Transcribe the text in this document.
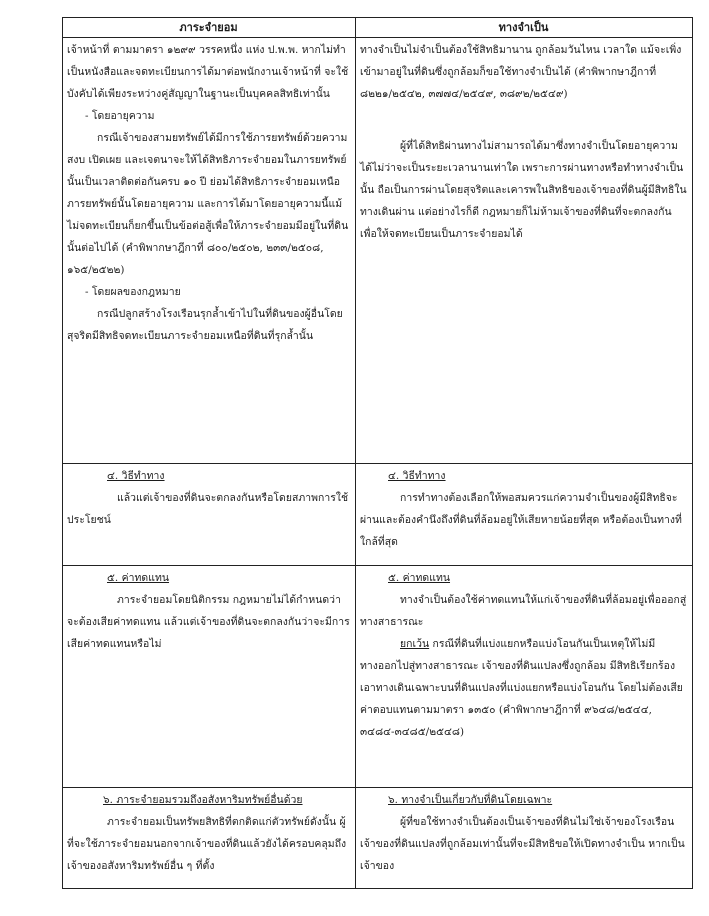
ภาระจำยอม	ทางจำเป็น
เจ้าหน้าที่ ตามมาตรา ๑๒๙๙ วรรคหนึ่ง แห่ง ป.พ.พ. หากไม่ทำเป็นหนังสือและจดทะเบียนการได้มาต่อพนักงานเจ้าหน้าที่ จะใช้บังคับได้เพียงระหว่างคู่สัญญาในฐานะเป็นบุคคลสิทธิเท่านั้น
- โดยอายุความ
กรณีเจ้าของสามยทรัพย์ได้มีการใช้ภารยทรัพย์ด้วยความสงบ เปิดเผย และเจตนาจะให้ได้สิทธิภาระจำยอมในภารยทรัพย์นั้นเป็นเวลาติดต่อกันครบ ๑๐ ปี ย่อมได้สิทธิภาระจำยอมเหนือภารยทรัพย์นั้นโดยอายุความ และการได้มาโดยอายุความนี้แม้ไม่จดทะเบียนก็ยกขึ้นเป็นข้อต่อสู้เพื่อให้ภาระจำยอมมีอยู่ในที่ดินนั้นต่อไปได้ (คำพิพากษาฎีกาที่ ๘๐๐/๒๕๐๒, ๒๓๓/๒๕๐๘, ๑๖๕/๒๕๒๒)
- โดยผลของกฎหมาย
กรณีปลูกสร้างโรงเรือนรุกล้ำเข้าไปในที่ดินของผู้อื่นโดยสุจริตมีสิทธิจดทะเบียนภาระจำยอมเหนือที่ดินที่รุกล้ำนั้น
ทางจำเป็นไม่จำเป็นต้องใช้สิทธิมานาน ถูกล้อมวันไหน เวลาใด แม้จะเพิ่งเข้ามาอยู่ในที่ดินซึ่งถูกล้อมก็ขอใช้ทางจำเป็นได้ (คำพิพากษาฎีกาที่ ๘๒๒๑/๒๕๔๒, ๓๗๗๔/๒๕๔๙, ๓๘๙๒/๒๕๔๙)
ผู้ที่ได้สิทธิผ่านทางไม่สามารถได้มาซึ่งทางจำเป็นโดยอายุความได้ไม่ว่าจะเป็นระยะเวลานานเท่าใด เพราะการผ่านทางหรือทำทางจำเป็นนั้น ถือเป็นการผ่านโดยสุจริตและเคารพในสิทธิของเจ้าของที่ดินผู้มีสิทธิในทางเดินผ่าน แต่อย่างไรก็ดี กฎหมายก็ไม่ห้ามเจ้าของที่ดินที่จะตกลงกันเพื่อให้จดทะเบียนเป็นภาระจำยอมได้
๔. วิธีทำทาง
แล้วแต่เจ้าของที่ดินจะตกลงกันหรือโดยสภาพการใช้ประโยชน์
๔. วิธีทำทาง
การทำทางต้องเลือกให้พอสมควรแก่ความจำเป็นของผู้มีสิทธิจะผ่านและต้องคำนึงถึงที่ดินที่ล้อมอยู่ให้เสียหายน้อยที่สุด หรือต้องเป็นทางที่ใกล้ที่สุด
๕. ค่าทดแทน
ภาระจำยอมโดยนิติกรรม กฎหมายไม่ได้กำหนดว่าจะต้องเสียค่าทดแทน แล้วแต่เจ้าของที่ดินจะตกลงกันว่าจะมีการเสียค่าทดแทนหรือไม่
๕. ค่าทดแทน
ทางจำเป็นต้องใช้ค่าทดแทนให้แก่เจ้าของที่ดินที่ล้อมอยู่เพื่อออกสู่ทางสาธารณะ
ยกเว้น กรณีที่ดินที่แบ่งแยกหรือแบ่งโอนกันเป็นเหตุให้ไม่มีทางออกไปสู่ทางสาธารณะ เจ้าของที่ดินแปลงซึ่งถูกล้อม มีสิทธิเรียกร้องเอาทางเดินเฉพาะบนที่ดินแปลงที่แบ่งแยกหรือแบ่งโอนกัน โดยไม่ต้องเสียค่าตอบแทนตามมาตรา ๑๓๕๐ (คำพิพากษาฎีกาที่ ๙๖๔๘/๒๕๔๔, ๓๔๘๔-๓๔๘๕/๒๕๔๘)
๖. ภาระจำยอมรวมถึงอสังหาริมทรัพย์อื่นด้วย
ภาระจำยอมเป็นทรัพยสิทธิที่ตกติดแก่ตัวทรัพย์ดังนั้น ผู้ที่จะใช้ภาระจำยอมนอกจากเจ้าของที่ดินแล้วยังได้ครอบคลุมถึงเจ้าของอสังหาริมทรัพย์อื่น ๆ ที่ตั้ง
๖. ทางจำเป็นเกี่ยวกับที่ดินโดยเฉพาะ
ผู้ที่ขอใช้ทางจำเป็นต้องเป็นเจ้าของที่ดินไม่ใช่เจ้าของโรงเรือน เจ้าของที่ดินแปลงที่ถูกล้อมเท่านั้นที่จะมีสิทธิขอให้เปิดทางจำเป็น หากเป็นเจ้าของ
